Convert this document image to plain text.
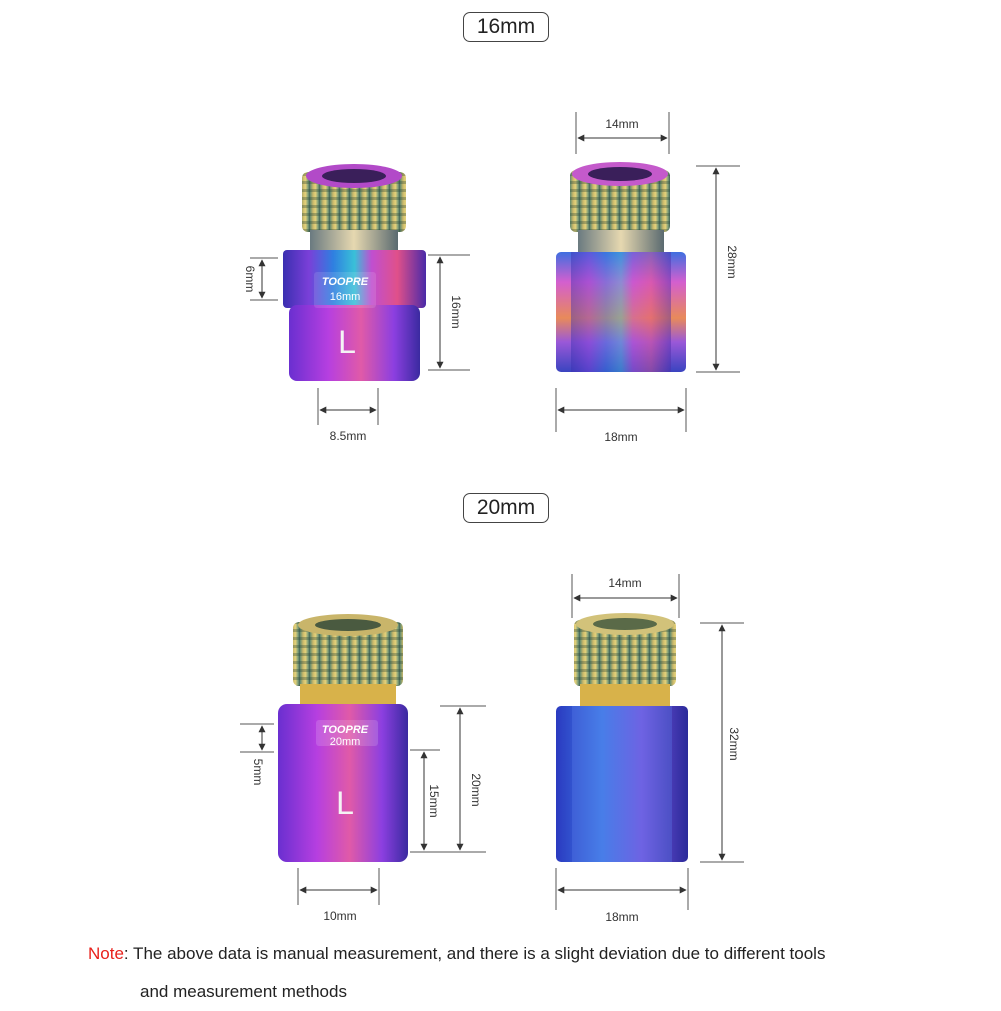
TOOPRE
16mm
L
6mm
16mm
8.5mm
14mm
28mm
18mm
TOOPRE
20mm
L
5mm
15mm 20mm
10mm
14mm
32mm
18mm
16mm
20mm
Note: The above data is manual measurement, and there is a slight deviation due to different tools
and measurement methods
